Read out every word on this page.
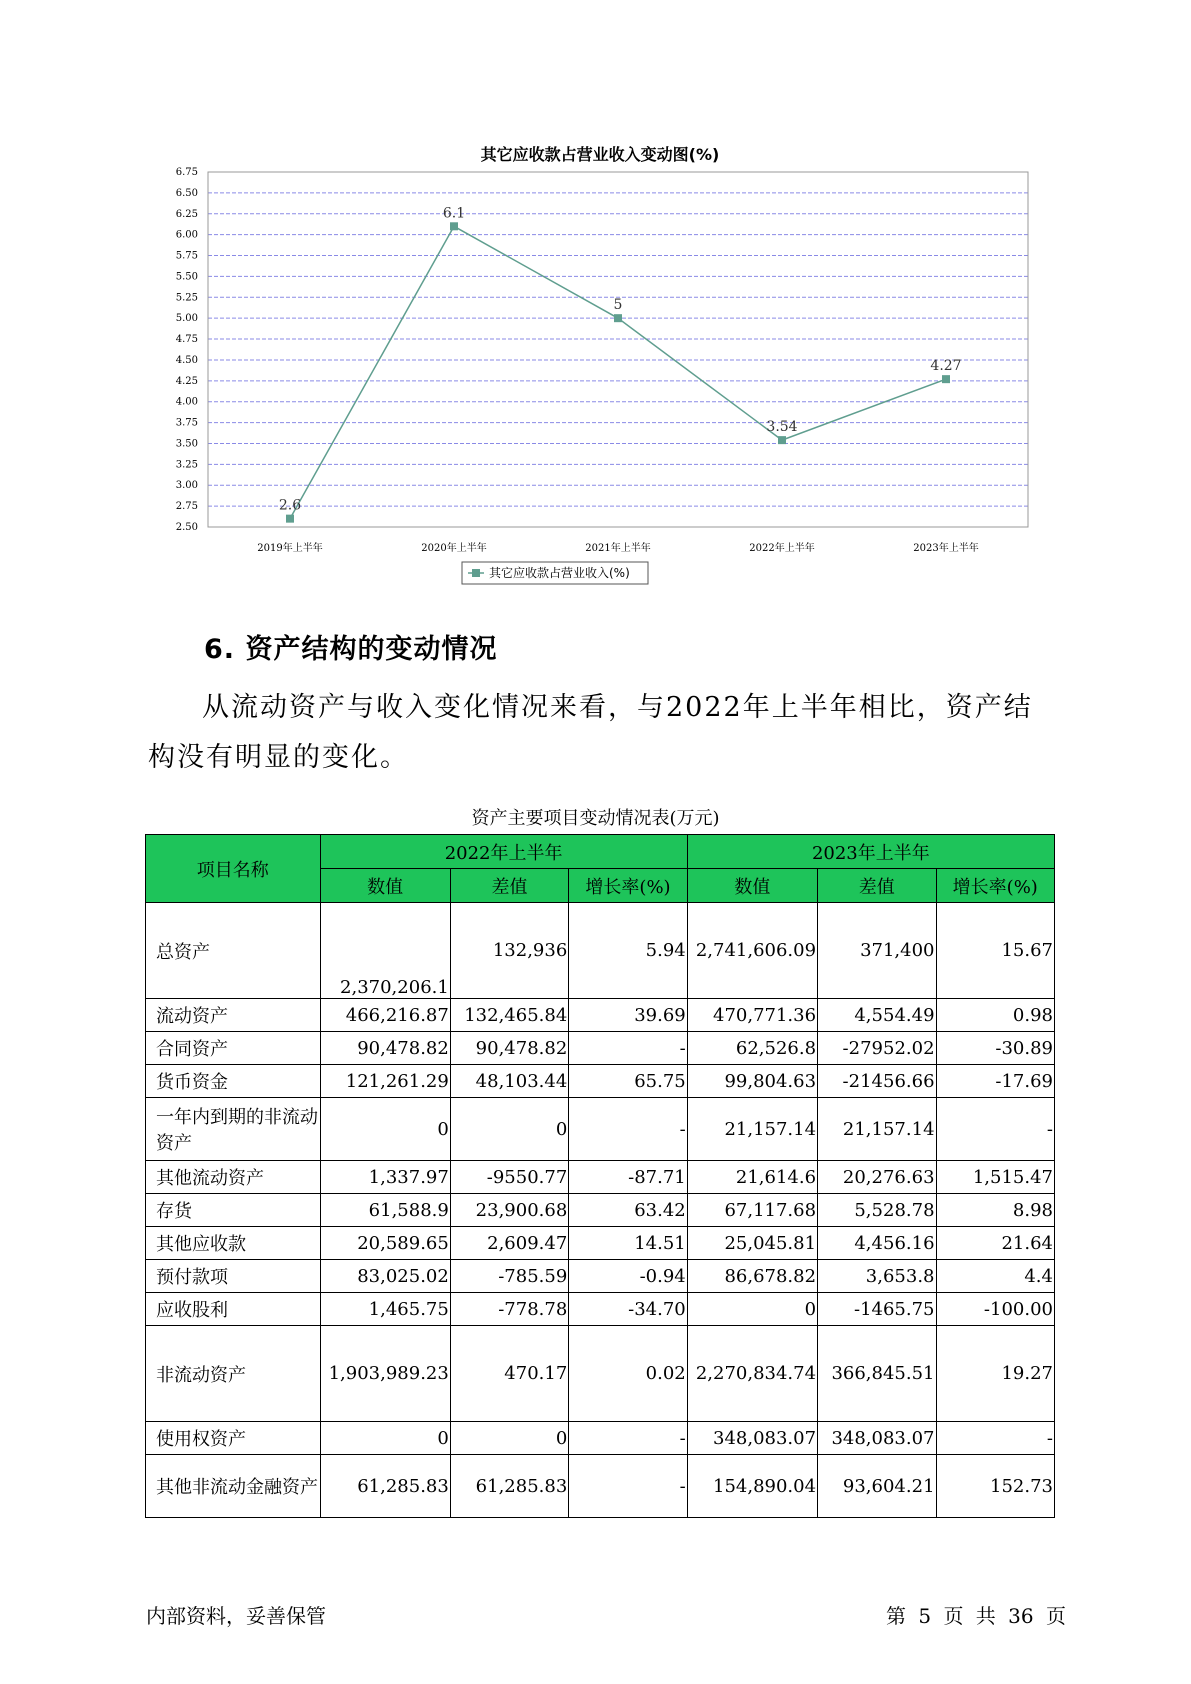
2.50
2.75
3.00
3.25
3.50
3.75
4.00
4.25
4.50
4.75
5.00
5.25
5.50
5.75
6.00
6.25
6.50
6.75
2019年上半年	2020年上半年	2021年上半年	2022年上半年	2023年上半年
2.6
6.1
5
3.54
4.27
其它应收款占营业收入(%)
其它应收款占营业收入变动图(%)
6. 资产结构的变动情况
从流动资产与收入变化情况来看，与2022年上半年相比，资产结构没有明显的变化。
资产主要项目变动情况表(万元)
项目名称	2022年上半年			2023年上半年		
	数值	差值	增长率(%)	数值	差值	增长率(%)
总资产	2,370,206.1	132,936	5.94	2,741,606.09	371,400	15.67
流动资产	466,216.87	132,465.84	39.69	470,771.36	4,554.49	0.98
合同资产	90,478.82	90,478.82	-	62,526.8	-27952.02	-30.89
货币资金	121,261.29	48,103.44	65.75	99,804.63	-21456.66	-17.69
一年内到期的非流动资产	0	0	-	21,157.14	21,157.14	-
其他流动资产	1,337.97	-9550.77	-87.71	21,614.6	20,276.63	1,515.47
存货	61,588.9	23,900.68	63.42	67,117.68	5,528.78	8.98
其他应收款	20,589.65	2,609.47	14.51	25,045.81	4,456.16	21.64
预付款项	83,025.02	-785.59	-0.94	86,678.82	3,653.8	4.4
应收股利	1,465.75	-778.78	-34.70	0	-1465.75	-100.00
非流动资产	1,903,989.23	470.17	0.02	2,270,834.74	366,845.51	19.27
使用权资产	0	0	-	348,083.07	348,083.07	-
其他非流动金融资产	61,285.83	61,285.83	-	154,890.04	93,604.21	152.73
内部资料，妥善保管	第 5 页 共 36 页
